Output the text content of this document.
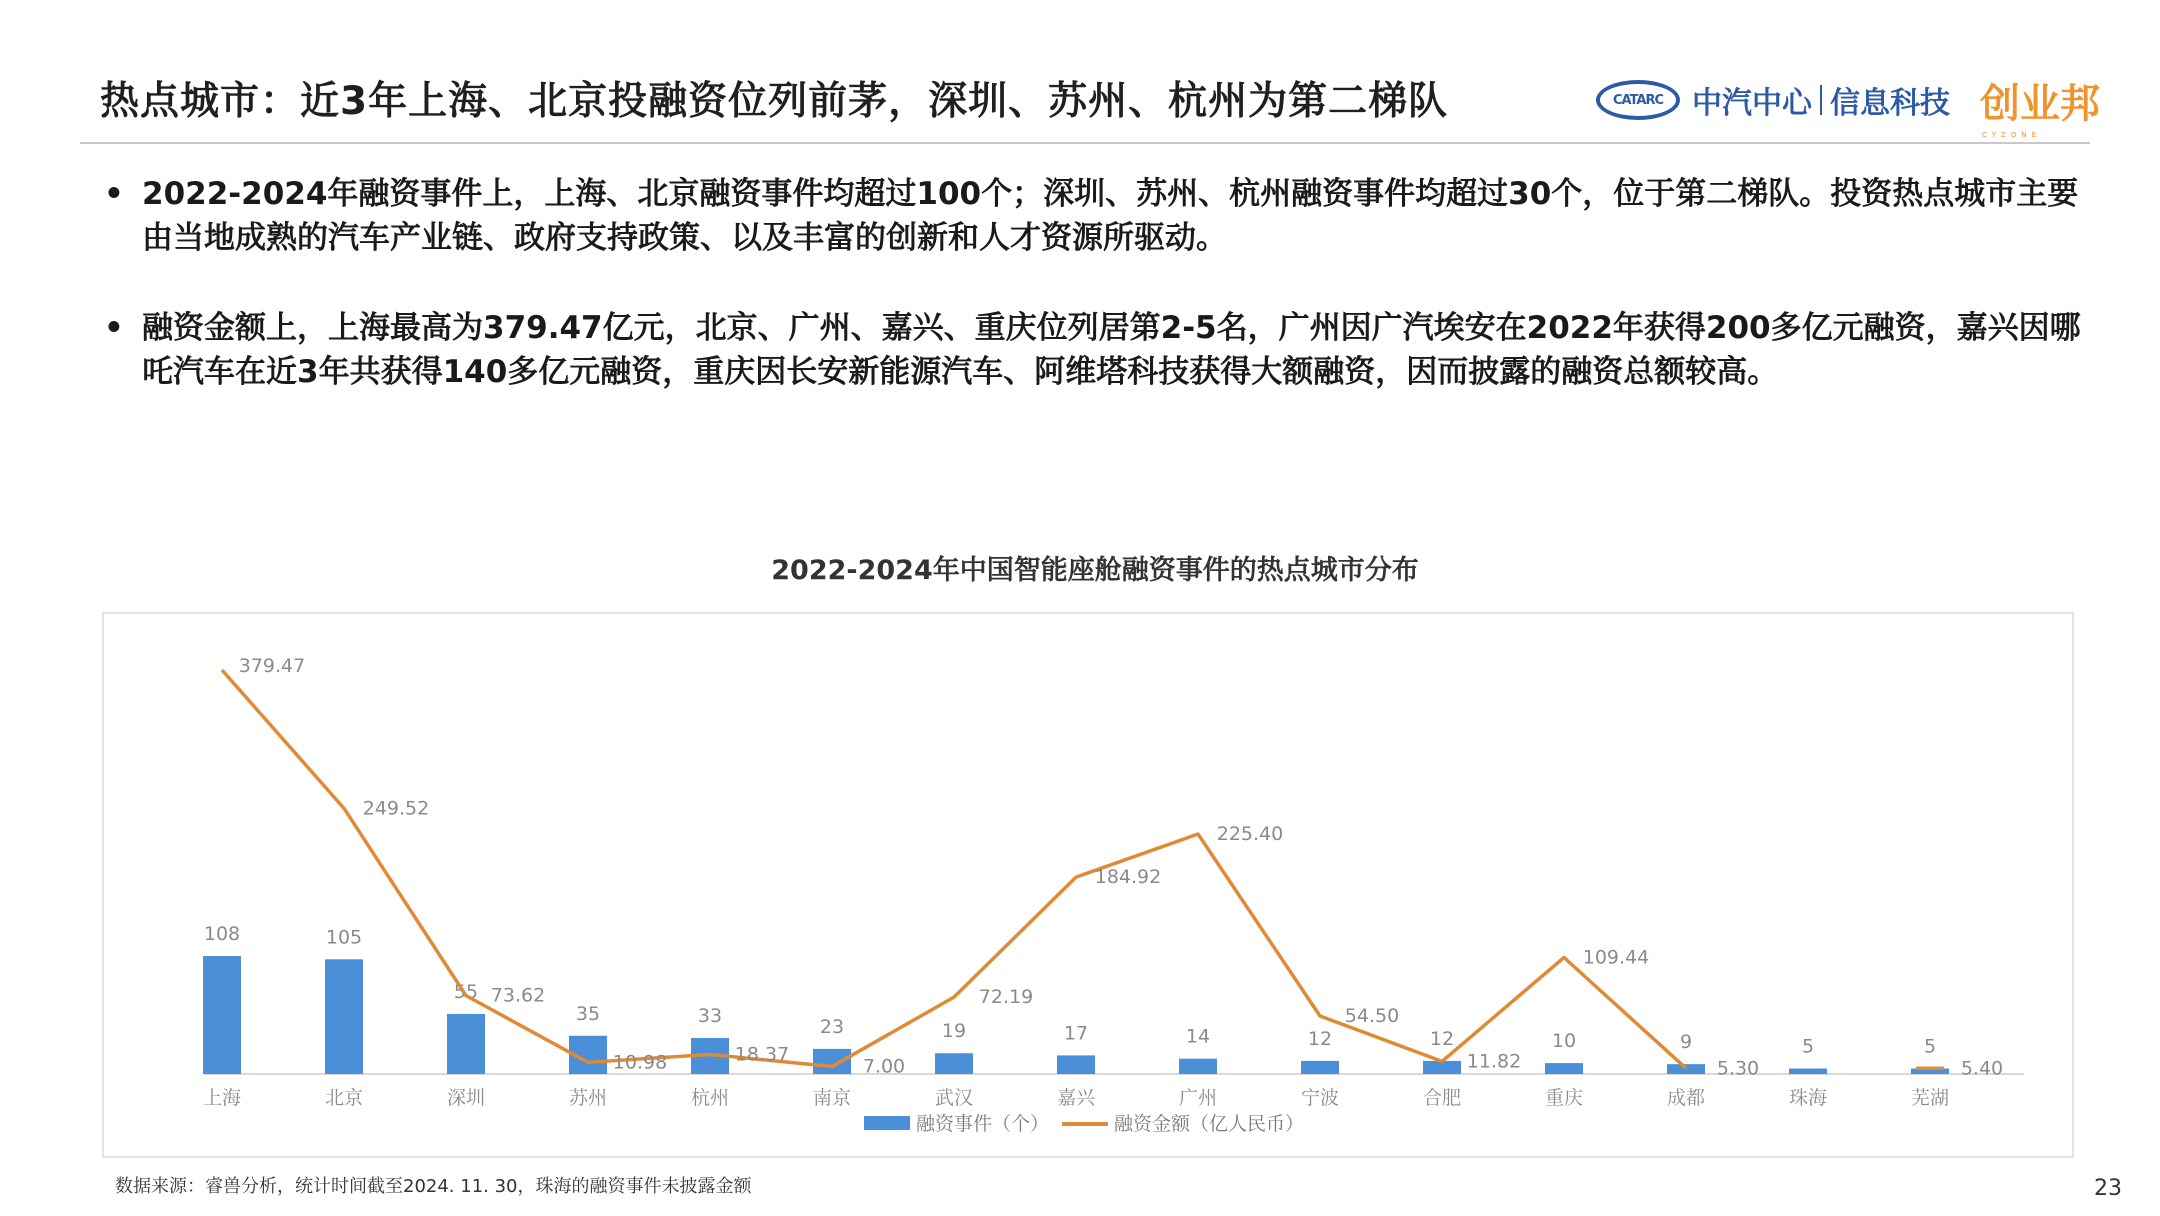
热点城市：近3年上海、北京投融资位列前茅，深圳、苏州、杭州为第二梯队	CATARC 中汽中心 信息科技 创业邦
CYZONE
• 2022-2024年融资事件上，上海、北京融资事件均超过100个；深圳、苏州、杭州融资事件均超过30个，位于第二梯队。投资热点城市主要由当地成熟的汽车产业链、政府支持政策、以及丰富的创新和人才资源所驱动。
• 融资金额上，上海最高为379.47亿元，北京、广州、嘉兴、重庆位列居第2-5名，广州因广汽埃安在2022年获得200多亿元融资，嘉兴因哪吒汽车在近3年共获得140多亿元融资，重庆因长安新能源汽车、阿维塔科技获得大额融资，因而披露的融资总额较高。
2022-2024年中国智能座舱融资事件的热点城市分布
108
上海
105
北京
55
深圳
35
苏州
33
杭州
23
南京
19
武汉
17
嘉兴
14
广州
12
宁波
12
合肥
10
重庆
9
成都
5
珠海
5
芜湖
379.47
249.52
73.62
10.98	18.37
7.00
72.19
184.92
225.40
54.50
11.82
109.44
5.30	5.40
融资事件（个）	融资金额（亿人民币）
数据来源：睿兽分析，统计时间截至2024. 11. 30，珠海的融资事件未披露金额	23
